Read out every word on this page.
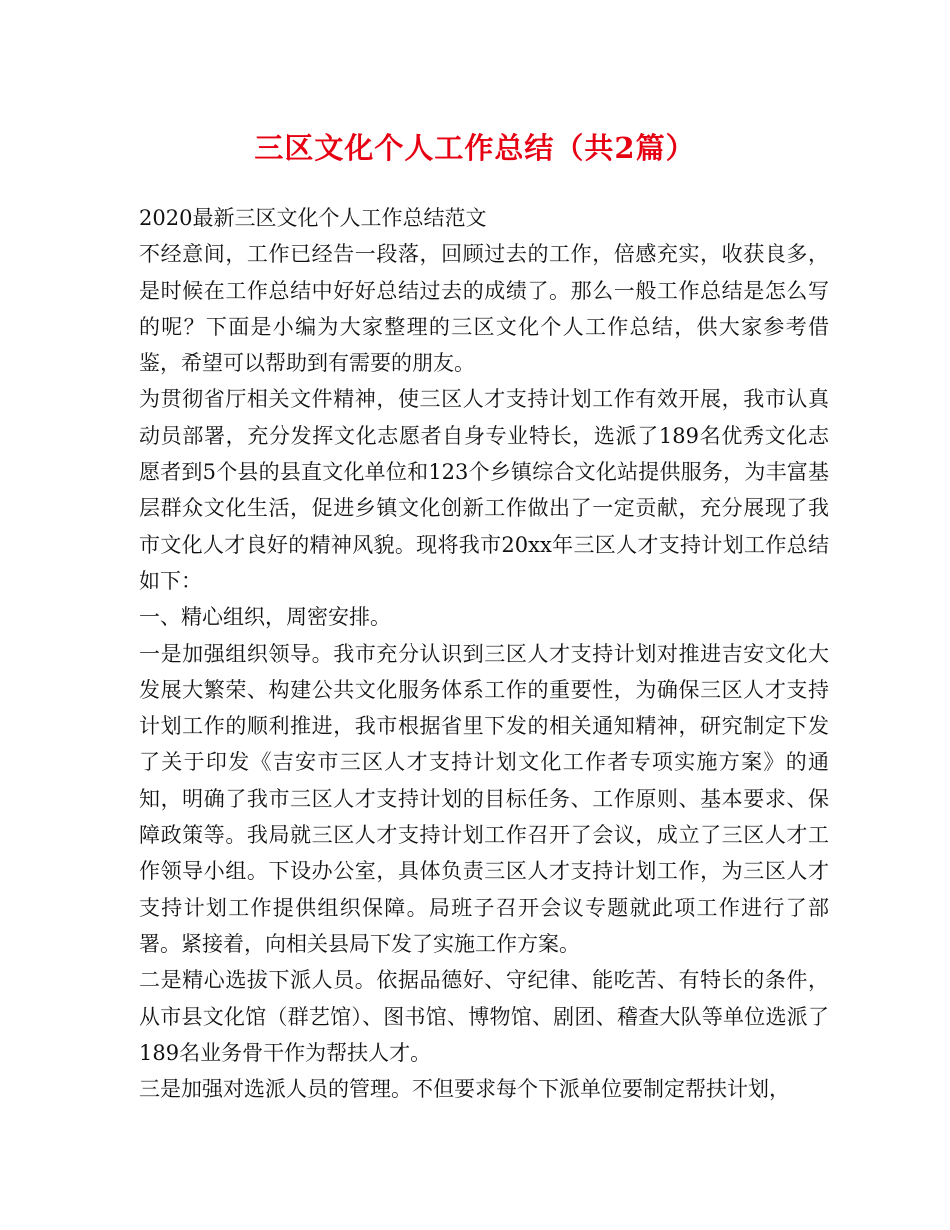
三区文化个人工作总结（共2篇）

2020最新三区文化个人工作总结范文

不经意间，工作已经告一段落，回顾过去的工作，倍感充实，收获良多，是时候在工作总结中好好总结过去的成绩了。那么一般工作总结是怎么写的呢？下面是小编为大家整理的三区文化个人工作总结，供大家参考借鉴，希望可以帮助到有需要的朋友。

为贯彻省厅相关文件精神，使三区人才支持计划工作有效开展，我市认真动员部署，充分发挥文化志愿者自身专业特长，选派了189名优秀文化志愿者到5个县的县直文化单位和123个乡镇综合文化站提供服务，为丰富基层群众文化生活，促进乡镇文化创新工作做出了一定贡献，充分展现了我市文化人才良好的精神风貌。现将我市20xx年三区人才支持计划工作总结如下：

一、精心组织，周密安排。

一是加强组织领导。我市充分认识到三区人才支持计划对推进吉安文化大发展大繁荣、构建公共文化服务体系工作的重要性，为确保三区人才支持计划工作的顺利推进，我市根据省里下发的相关通知精神，研究制定下发了关于印发《吉安市三区人才支持计划文化工作者专项实施方案》的通知，明确了我市三区人才支持计划的目标任务、工作原则、基本要求、保障政策等。我局就三区人才支持计划工作召开了会议，成立了三区人才工作领导小组。下设办公室，具体负责三区人才支持计划工作，为三区人才支持计划工作提供组织保障。局班子召开会议专题就此项工作进行了部署。紧接着，向相关县局下发了实施工作方案。

二是精心选拔下派人员。依据品德好、守纪律、能吃苦、有特长的条件，从市县文化馆（群艺馆）、图书馆、博物馆、剧团、稽查大队等单位选派了189名业务骨干作为帮扶人才。

三是加强对选派人员的管理。不但要求每个下派单位要制定帮扶计划，
